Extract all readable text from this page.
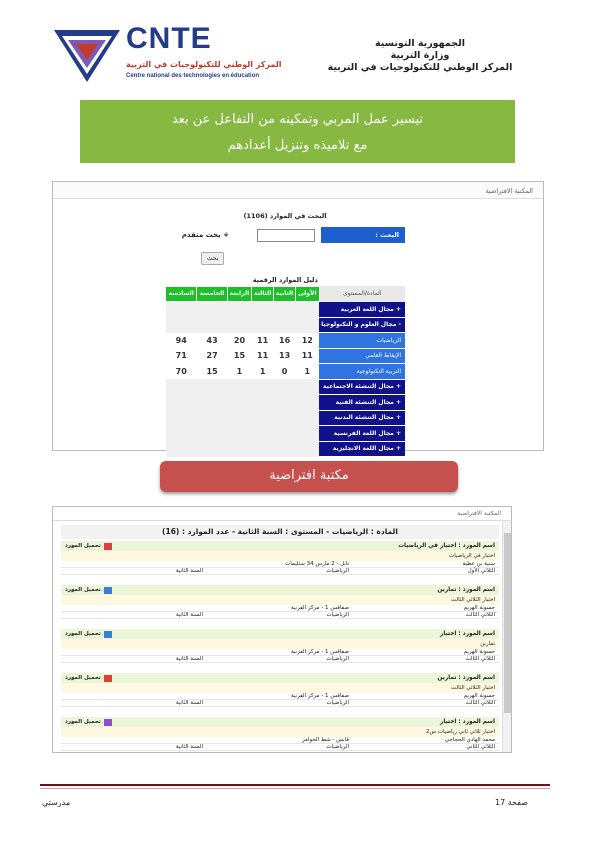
CNTE
المركز الوطني للتكنولوجيات في التربية
Centre national des technologies en éducation
الجمهورية التونسية
وزارة التربية
المركز الوطني للتكنولوجيات في التربية
تيسير عمل المربي وتمكينه من التفاعل عن بعد
مع تلاميذه وتنزيل أعدادهم
المكتبة الافتراضية
البحث في الموارد (1106)
+ بحث متقدم	البحث :
بحث
دليل الموارد الرقمية						
السادسة	الخامسة	الرابعة	الثالثة	الثانية	الأولى	المادة/المستوى
						+ مجال اللغة العربية
						- مجال العلوم و التكنولوجيا
94	43	20	11	16	12	الرياضيات
71	27	15	11	13	11	الإيقاظ العلمي
70	15	1	1	0	1	التربية التكنولوجية
						+ مجال التنشئة الاجتماعية
						+ مجال التنشئة الفنية
						+ مجال التنشئة البدنية
						+ مجال اللغة الفرنسية
						+ مجال اللغة الانجليزية
مكتبة افتراضية
المكتبة الافتراضية
المادة : الرياضيات - المستوى : السنة الثانية - عدد الموارد : (16)
اسم المورد : اختبار في الرياضيات
تحميل المورد
اختبار في الرياضيات
سنية بن عطية
نابل - 2 مارس 34 ستليمات
الثلاثي الأول
الرياضيات
السنة الثانية
اسم المورد : تمارين
تحميل المورد
اختبار الثلاثي الثالث
حسونة الهريم
صفاقس 1 - مركز الفرنية
الثلاثي الثالث
الرياضيات
السنة الثانية
اسم المورد : اختبار
تحميل المورد
تمارين
حسونة الهريم
صفاقس 1 - مركز الفرنية
الثلاثي الثالث
الرياضيات
السنة الثانية
اسم المورد : تمارين
تحميل المورد
اختبار الثلاثي الثالث
حسونة الهريم
صفاقس 1 - مركز الفرنية
الثلاثي الثالث
الرياضيات
السنة الثانية
اسم المورد : اختبار
تحميل المورد
اختبار ثلاثي ثاني رياضيات س2
محمد الهادي الحجاجي
قابس - شط الحوامر
الثلاثي الثاني
الرياضيات
السنة الثانية
صفحة 17
مدرستي
